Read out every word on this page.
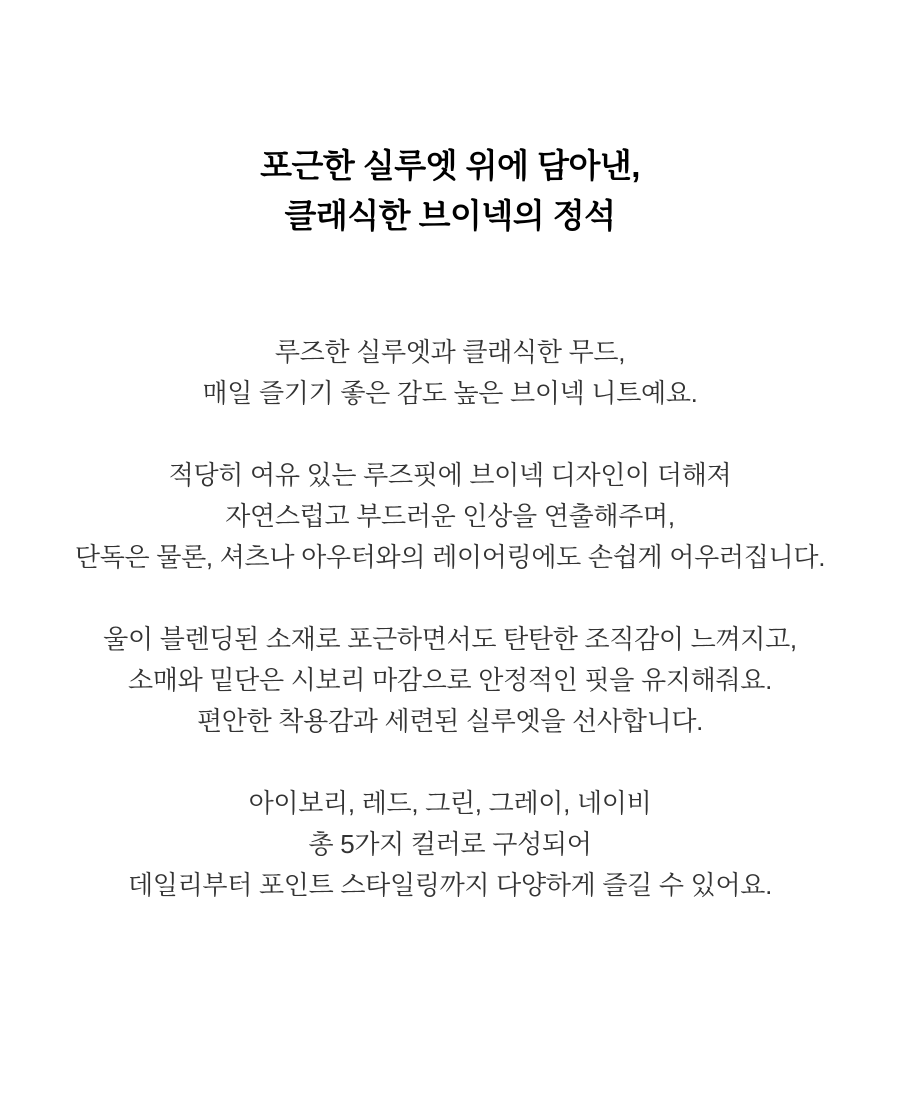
포근한 실루엣 위에 담아낸,
클래식한 브이넥의 정석

루즈한 실루엣과 클래식한 무드,
매일 즐기기 좋은 감도 높은 브이넥 니트예요.

적당히 여유 있는 루즈핏에 브이넥 디자인이 더해져
자연스럽고 부드러운 인상을 연출해주며,
단독은 물론, 셔츠나 아우터와의 레이어링에도 손쉽게 어우러집니다.

울이 블렌딩된 소재로 포근하면서도 탄탄한 조직감이 느껴지고,
소매와 밑단은 시보리 마감으로 안정적인 핏을 유지해줘요.
편안한 착용감과 세련된 실루엣을 선사합니다.

아이보리, 레드, 그린, 그레이, 네이비
총 5가지 컬러로 구성되어
데일리부터 포인트 스타일링까지 다양하게 즐길 수 있어요.
